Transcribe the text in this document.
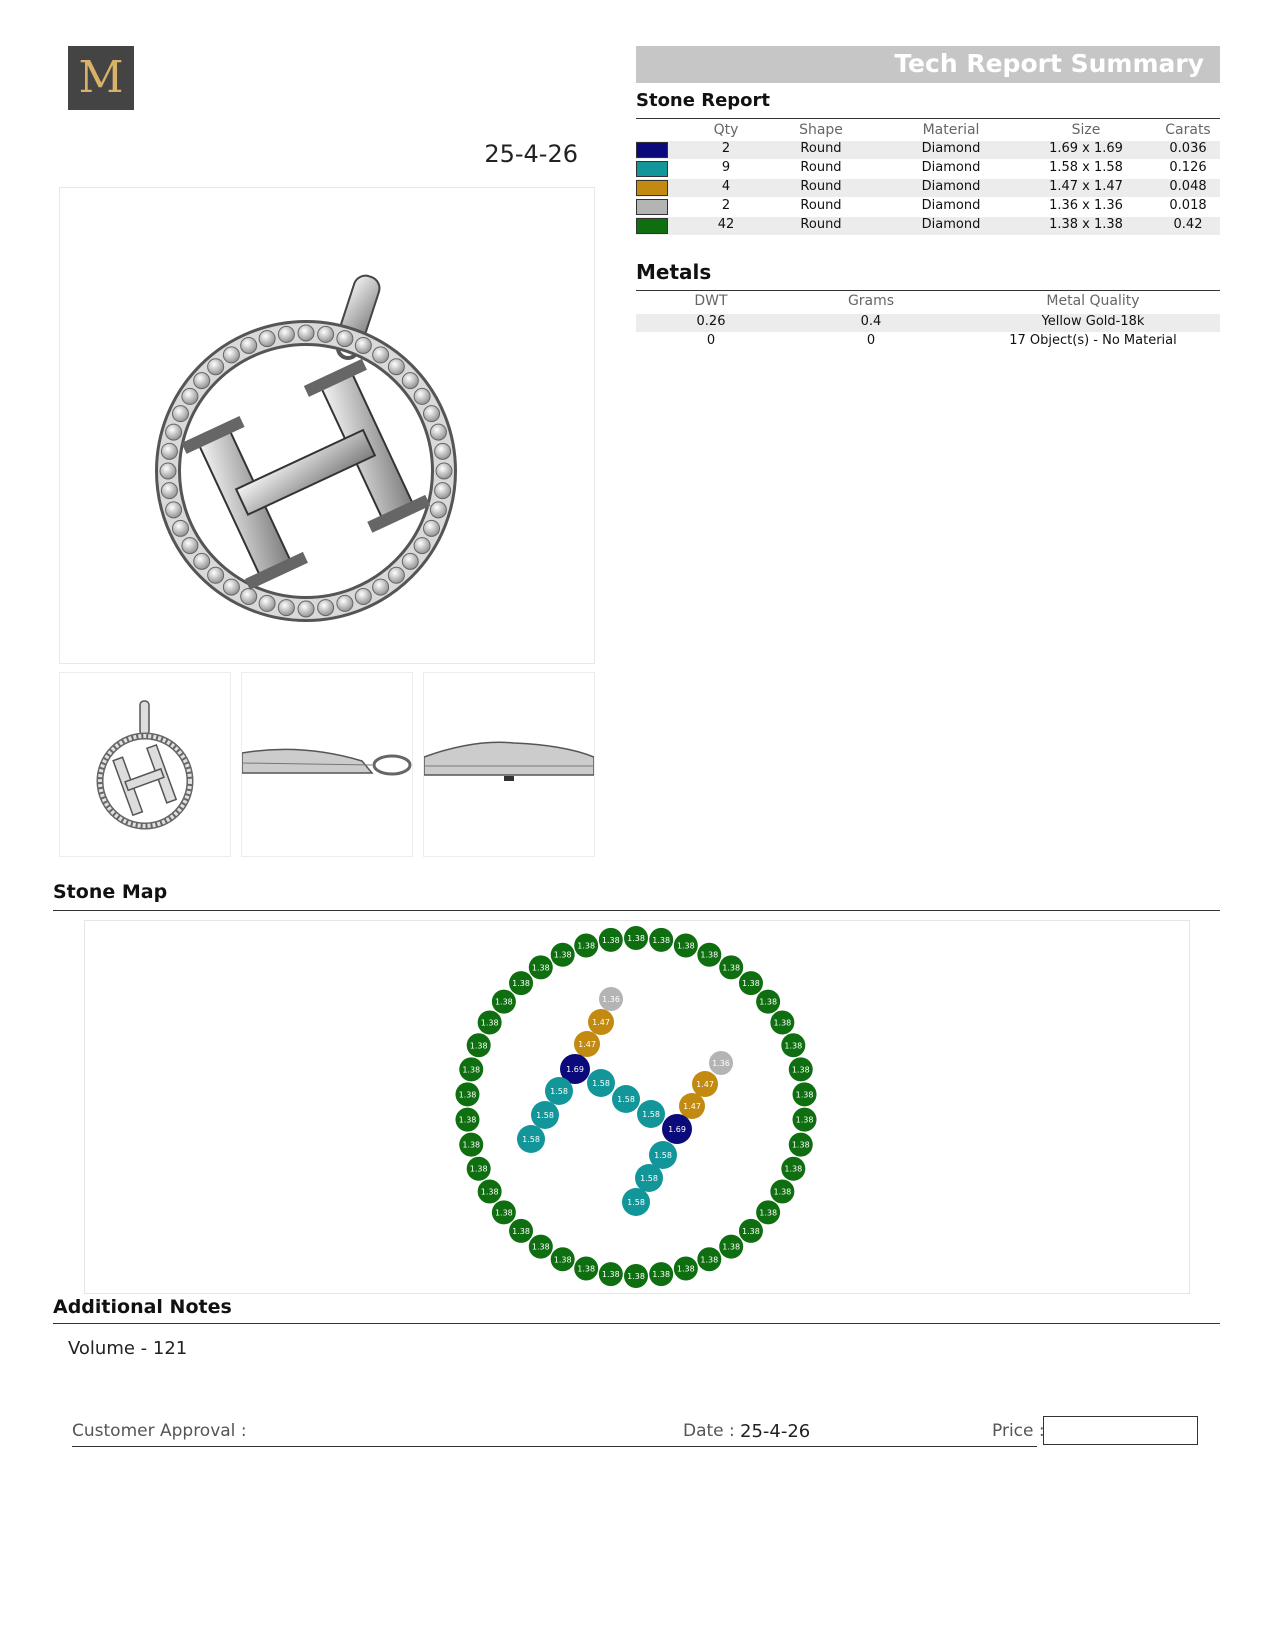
M
25-4-26
Tech Report Summary
Stone Report
Qty	Shape	Material	Size	Carats
2	Round	Diamond	1.69 x 1.69	0.036
9	Round	Diamond	1.58 x 1.58	0.126
4	Round	Diamond	1.47 x 1.47	0.048
2	Round	Diamond	1.36 x 1.36	0.018
42	Round	Diamond	1.38 x 1.38	0.42
Metals
DWT	Grams	Metal Quality
0.26	0.4	Yellow Gold-18k
0	0	17 Object(s) - No Material
Stone Map
1.38 1.38
1.38
1.38
1.38
1.38
1.38
1.38
1.38
1.38
1.38
1.38
1.38
1.38
1.38
1.38
1.38
1.38
1.38
1.38
1.38
1.38
1.38
1.38
1.38
1.38
1.38
1.38
1.38
1.38
1.38
1.38
1.38
1.38
1.38
1.38
1.38
1.38
1.38
1.38
1.38
1.38
1.36
1.47
1.47
1.69
1.58
1.58
1.58
1.58
1.58
1.58
1.36
1.47
1.47
1.69
1.58
1.58
1.58
Additional Notes
Volume - 121
Customer Approval :	Date : 25-4-26	Price :
